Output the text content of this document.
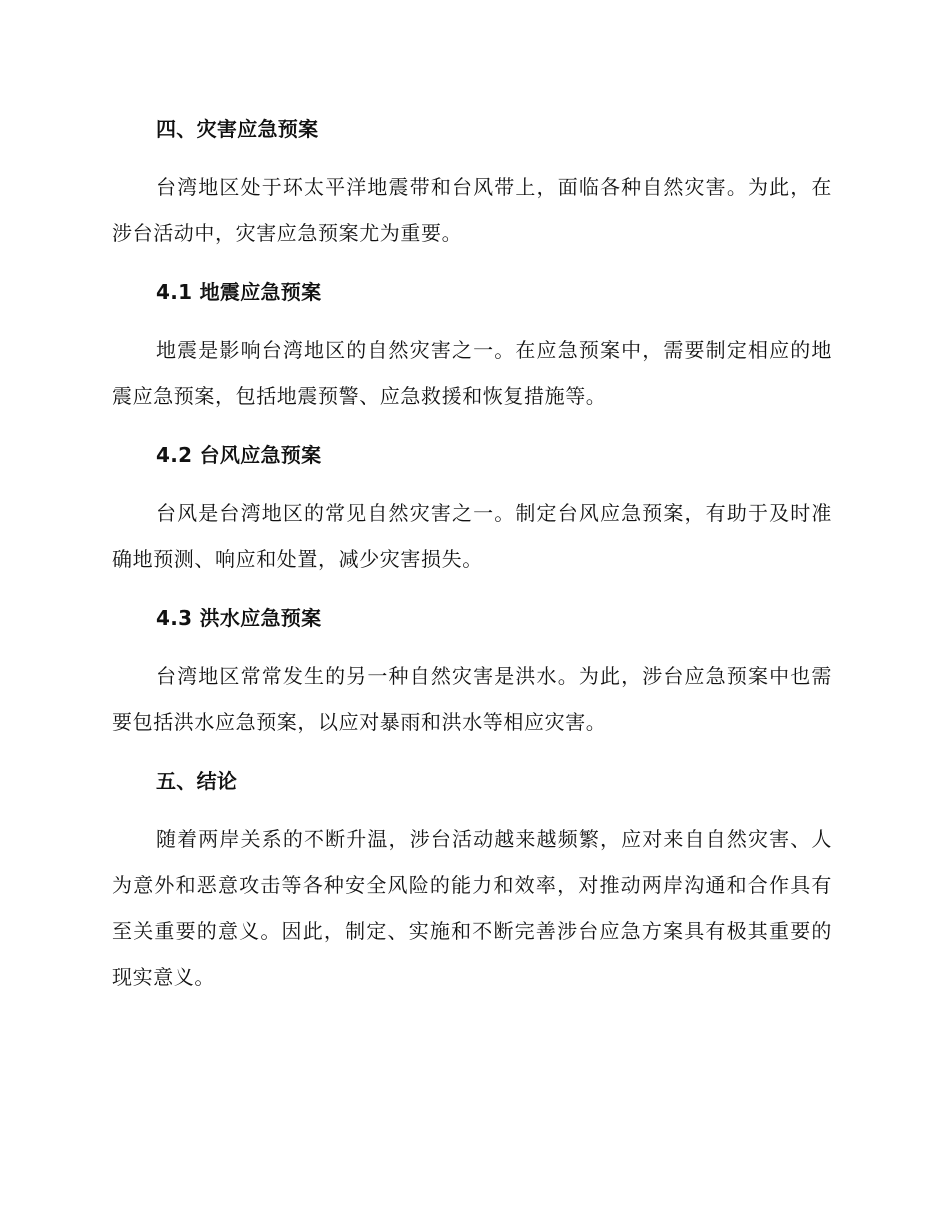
四、灾害应急预案

台湾地区处于环太平洋地震带和台风带上，面临各种自然灾害。为此，在涉台活动中，灾害应急预案尤为重要。

4.1 地震应急预案

地震是影响台湾地区的自然灾害之一。在应急预案中，需要制定相应的地震应急预案，包括地震预警、应急救援和恢复措施等。

4.2 台风应急预案

台风是台湾地区的常见自然灾害之一。制定台风应急预案，有助于及时准确地预测、响应和处置，减少灾害损失。

4.3 洪水应急预案

台湾地区常常发生的另一种自然灾害是洪水。为此，涉台应急预案中也需要包括洪水应急预案，以应对暴雨和洪水等相应灾害。

五、结论

随着两岸关系的不断升温，涉台活动越来越频繁，应对来自自然灾害、人为意外和恶意攻击等各种安全风险的能力和效率，对推动两岸沟通和合作具有至关重要的意义。因此，制定、实施和不断完善涉台应急方案具有极其重要的现实意义。
